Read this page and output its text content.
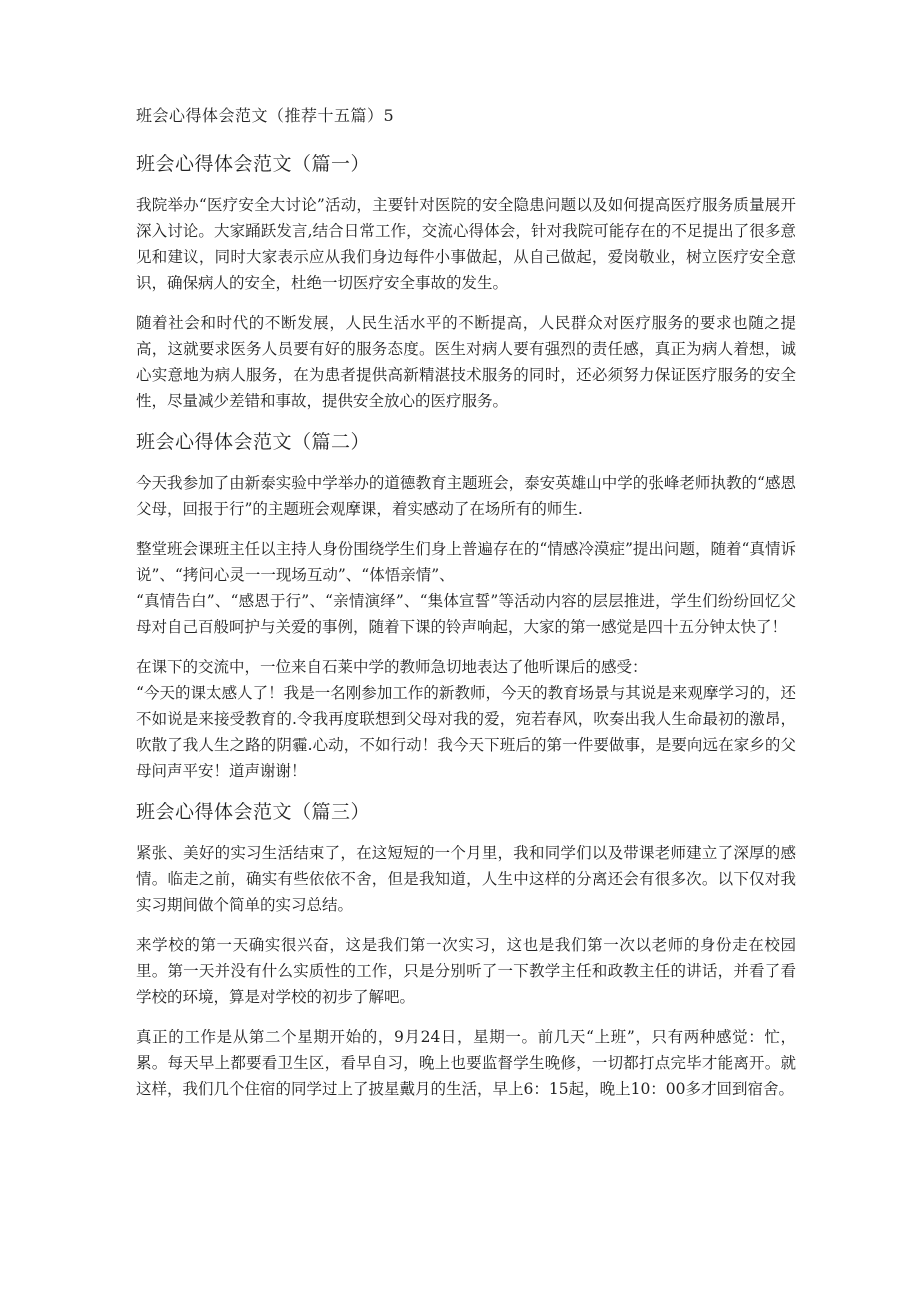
班会心得体会范文（推荐十五篇）5
班会心得体会范文（篇一）

我院举办“医疗安全大讨论”活动，主要针对医院的安全隐患问题以及如何提高医疗服务质量展开深入讨论。大家踊跃发言,结合日常工作，交流心得体会，针对我院可能存在的不足提出了很多意见和建议，同时大家表示应从我们身边每件小事做起，从自己做起，爱岗敬业，树立医疗安全意识，确保病人的安全，杜绝一切医疗安全事故的发生。

随着社会和时代的不断发展，人民生活水平的不断提高，人民群众对医疗服务的要求也随之提高，这就要求医务人员要有好的服务态度。医生对病人要有强烈的责任感，真正为病人着想，诚心实意地为病人服务，在为患者提供高新精湛技术服务的同时，还必须努力保证医疗服务的安全性，尽量减少差错和事故，提供安全放心的医疗服务。

班会心得体会范文（篇二）

今天我参加了由新泰实验中学举办的道德教育主题班会，泰安英雄山中学的张峰老师执教的“感恩父母，回报于行”的主题班会观摩课，着实感动了在场所有的师生.

整堂班会课班主任以主持人身份围绕学生们身上普遍存在的“情感冷漠症”提出问题，随着“真情诉说”、“拷问心灵一一现场互动”、“体悟亲情”、
“真情告白”、“感恩于行”、“亲情演绎”、“集体宣誓”等活动内容的层层推进，学生们纷纷回忆父母对自己百般呵护与关爱的事例，随着下课的铃声响起，大家的第一感觉是四十五分钟太快了！

在课下的交流中，一位来自石莱中学的教师急切地表达了他听课后的感受：
“今天的课太感人了！我是一名刚参加工作的新教师，今天的教育场景与其说是来观摩学习的，还不如说是来接受教育的.令我再度联想到父母对我的爱，宛若春风，吹奏出我人生命最初的激昂，吹散了我人生之路的阴霾.心动，不如行动！我今天下班后的第一件要做事，是要向远在家乡的父母问声平安！道声谢谢！

班会心得体会范文（篇三）

紧张、美好的实习生活结束了，在这短短的一个月里，我和同学们以及带课老师建立了深厚的感情。临走之前，确实有些依依不舍，但是我知道，人生中这样的分离还会有很多次。以下仅对我实习期间做个简单的实习总结。

来学校的第一天确实很兴奋，这是我们第一次实习，这也是我们第一次以老师的身份走在校园里。第一天并没有什么实质性的工作，只是分别听了一下教学主任和政教主任的讲话，并看了看学校的环境，算是对学校的初步了解吧。

真正的工作是从第二个星期开始的，9月24日，星期一。前几天“上班”，只有两种感觉：忙，累。每天早上都要看卫生区，看早自习，晚上也要监督学生晚修，一切都打点完毕才能离开。就这样，我们几个住宿的同学过上了披星戴月的生活，早上6：15起，晚上10：00多才回到宿舍。
